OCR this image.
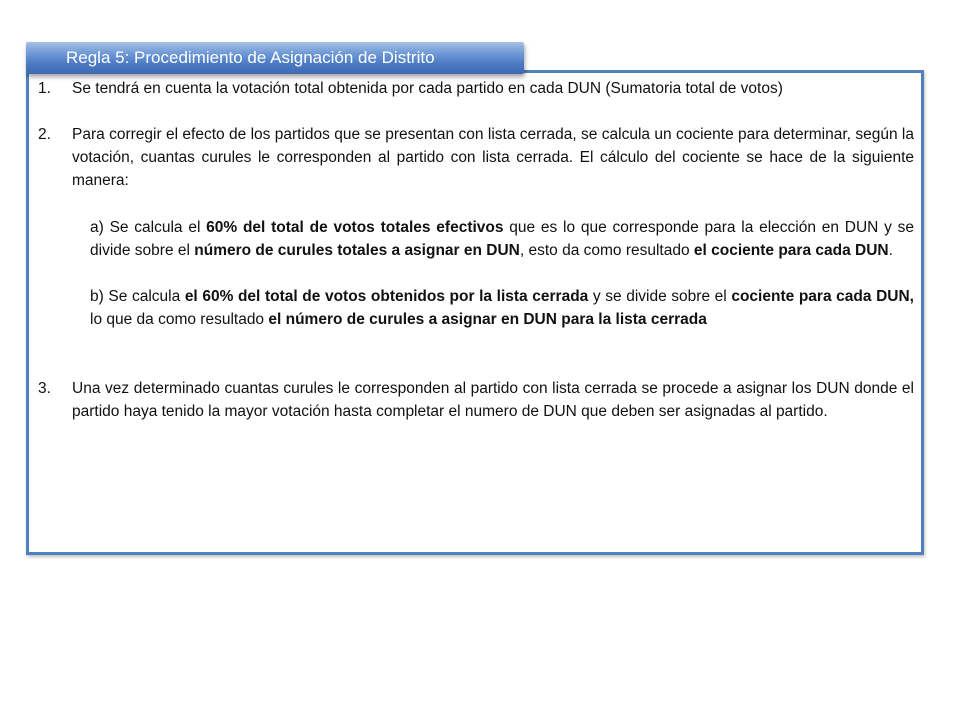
Regla 5: Procedimiento de Asignación de Distrito
1. Se tendrá en cuenta la votación total obtenida por cada partido en cada DUN (Sumatoria total de votos)
2. Para corregir el efecto de los partidos que se presentan con lista cerrada, se calcula un cociente para determinar, según la votación, cuantas curules le corresponden al partido con lista cerrada. El cálculo del cociente se hace de la siguiente manera:
a) Se calcula el 60% del total de votos totales efectivos que es lo que corresponde para la elección en DUN y se divide sobre el número de curules totales a asignar en DUN, esto da como resultado el cociente para cada DUN.
b) Se calcula el 60% del total de votos obtenidos por la lista cerrada y se divide sobre el cociente para cada DUN, lo que da como resultado el número de curules a asignar en DUN para la lista cerrada
3. Una vez determinado cuantas curules le corresponden al partido con lista cerrada se procede a asignar los DUN donde el partido haya tenido la mayor votación hasta completar el numero de DUN que deben ser asignadas al partido.
